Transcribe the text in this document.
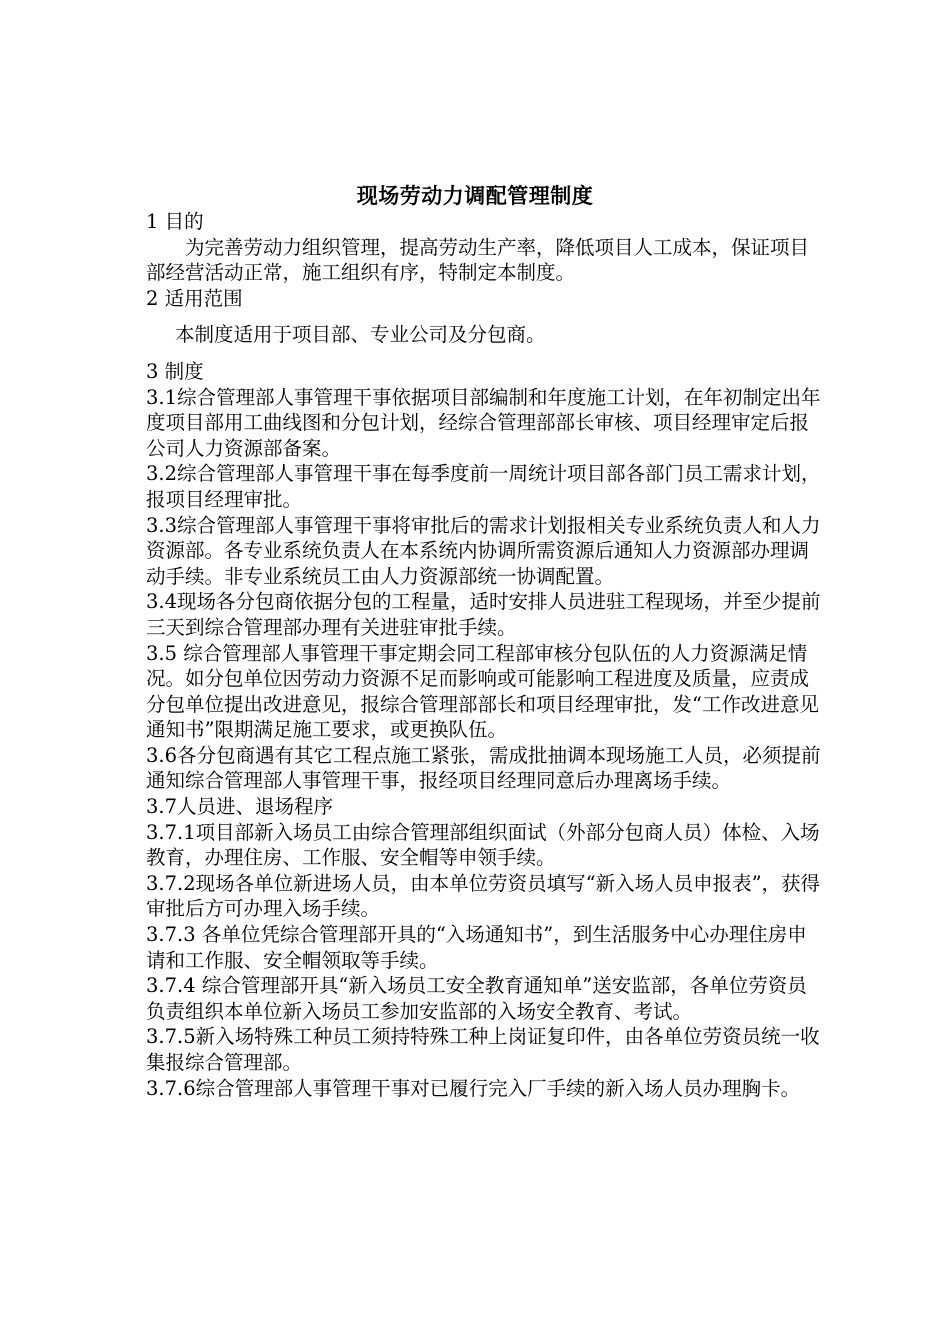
现场劳动力调配管理制度

1 目的

为完善劳动力组织管理，提高劳动生产率，降低项目人工成本，保证项目部经营活动正常，施工组织有序，特制定本制度。

2 适用范围

本制度适用于项目部、专业公司及分包商。

3 制度

3.1综合管理部人事管理干事依据项目部编制和年度施工计划，在年初制定出年度项目部用工曲线图和分包计划，经综合管理部部长审核、项目经理审定后报公司人力资源部备案。

3.2综合管理部人事管理干事在每季度前一周统计项目部各部门员工需求计划，报项目经理审批。

3.3综合管理部人事管理干事将审批后的需求计划报相关专业系统负责人和人力资源部。各专业系统负责人在本系统内协调所需资源后通知人力资源部办理调动手续。非专业系统员工由人力资源部统一协调配置。

3.4现场各分包商依据分包的工程量，适时安排人员进驻工程现场，并至少提前三天到综合管理部办理有关进驻审批手续。

3.5 综合管理部人事管理干事定期会同工程部审核分包队伍的人力资源满足情况。如分包单位因劳动力资源不足而影响或可能影响工程进度及质量，应责成分包单位提出改进意见，报综合管理部部长和项目经理审批，发“工作改进意见通知书”限期满足施工要求，或更换队伍。

3.6各分包商遇有其它工程点施工紧张，需成批抽调本现场施工人员，必须提前通知综合管理部人事管理干事，报经项目经理同意后办理离场手续。

3.7人员进、退场程序

3.7.1项目部新入场员工由综合管理部组织面试（外部分包商人员）体检、入场教育，办理住房、工作服、安全帽等申领手续。

3.7.2现场各单位新进场人员，由本单位劳资员填写“新入场人员申报表”，获得审批后方可办理入场手续。

3.7.3 各单位凭综合管理部开具的“入场通知书”，到生活服务中心办理住房申请和工作服、安全帽领取等手续。

3.7.4 综合管理部开具“新入场员工安全教育通知单”送安监部，各单位劳资员负责组织本单位新入场员工参加安监部的入场安全教育、考试。

3.7.5新入场特殊工种员工须持特殊工种上岗证复印件，由各单位劳资员统一收集报综合管理部。

3.7.6综合管理部人事管理干事对已履行完入厂手续的新入场人员办理胸卡。
